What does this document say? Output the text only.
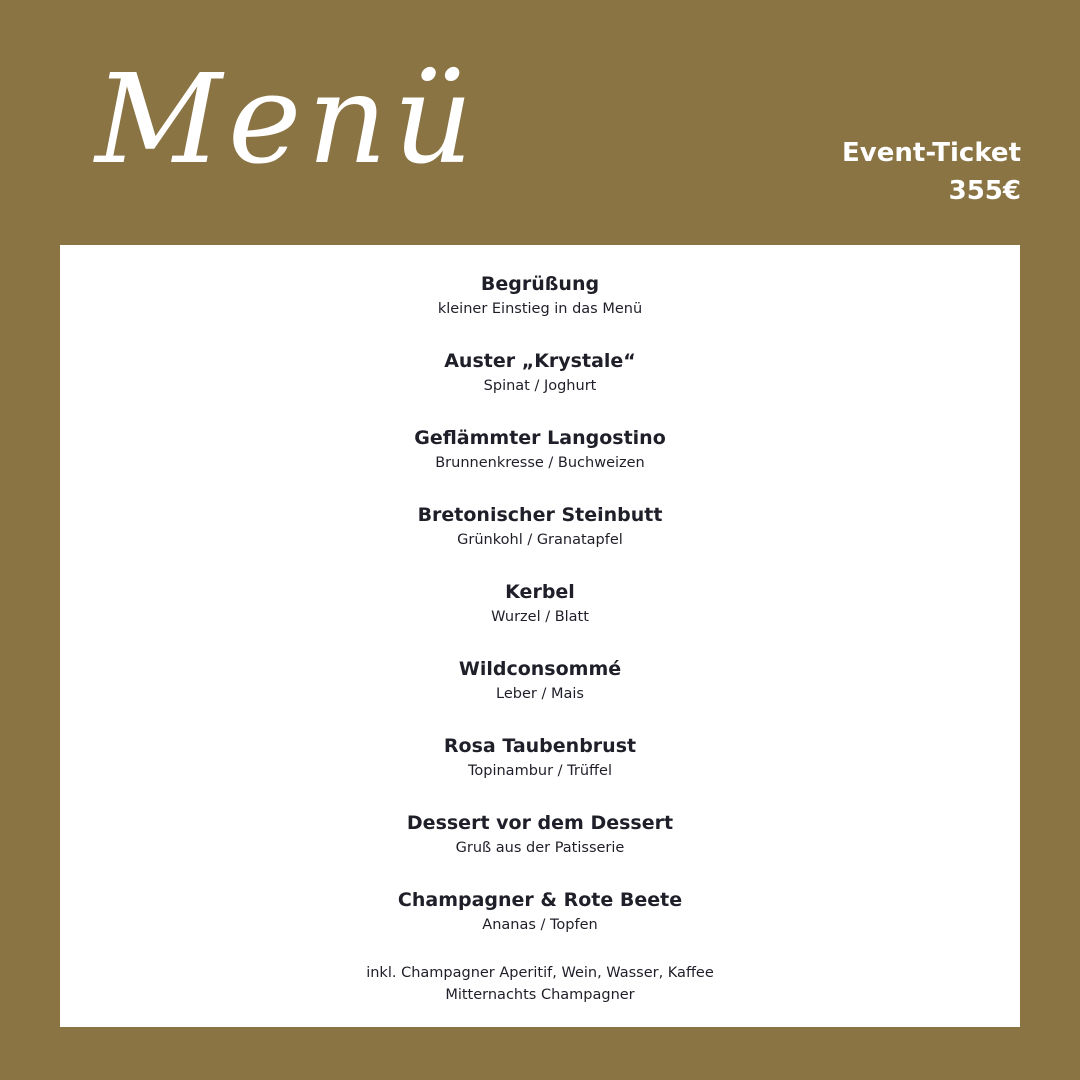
Menü	Event-Ticket
355€
Begrüßung
kleiner Einstieg in das Menü
Auster „Krystale“
Spinat / Joghurt
Geflämmter Langostino
Brunnenkresse / Buchweizen
Bretonischer Steinbutt
Grünkohl / Granatapfel
Kerbel
Wurzel / Blatt
Wildconsommé
Leber / Mais
Rosa Taubenbrust
Topinambur / Trüffel
Dessert vor dem Dessert
Gruß aus der Patisserie
Champagner & Rote Beete
Ananas / Topfen
inkl. Champagner Aperitif, Wein, Wasser, Kaffee
Mitternachts Champagner
